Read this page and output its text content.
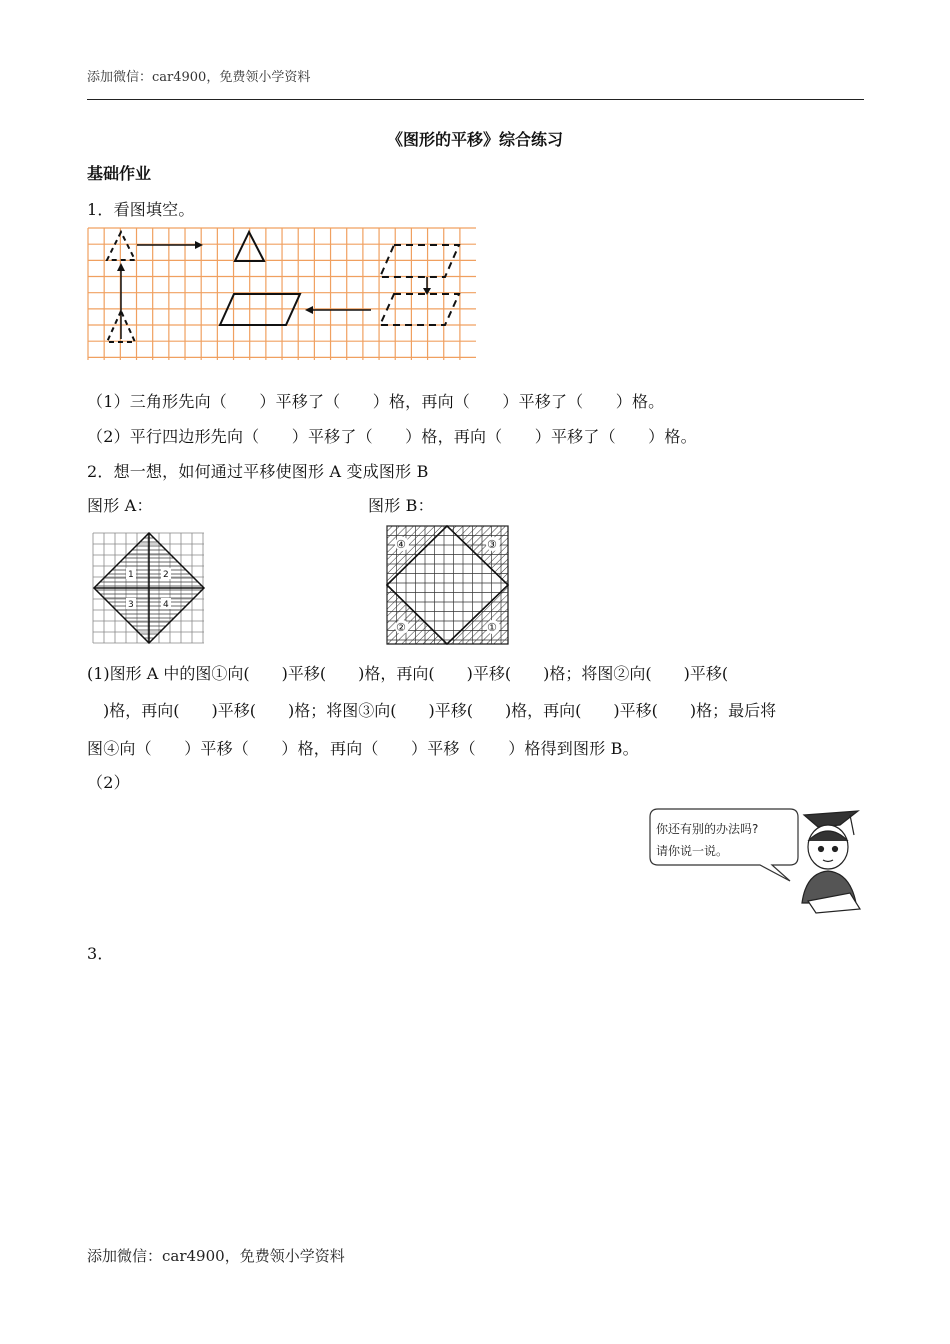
添加微信：car4900，免费领小学资料
《图形的平移》综合练习
基础作业
1．看图填空。
（1）三角形先向（　　）平移了（　　）格，再向（　　）平移了（　　）格。
（2）平行四边形先向（　　）平移了（　　）格，再向（　　）平移了（　　）格。
2．想一想，如何通过平移使图形 A 变成图形 B
图形 A：	图形 B：
1	2
3	4
④	③
②	①
(1)图形 A 中的图①向(　　)平移(　　)格，再向(　　)平移(　　)格；将图②向(　　)平移(
　)格，再向(　　)平移(　　)格；将图③向(　　)平移(　　)格，再向(　　)平移(　　)格；最后将
图④向（　　）平移（　　）格，再向（　　）平移（　　）格得到图形 B。
（2）
你还有别的办法吗?
请你说一说。
3．
添加微信：car4900，免费领小学资料
